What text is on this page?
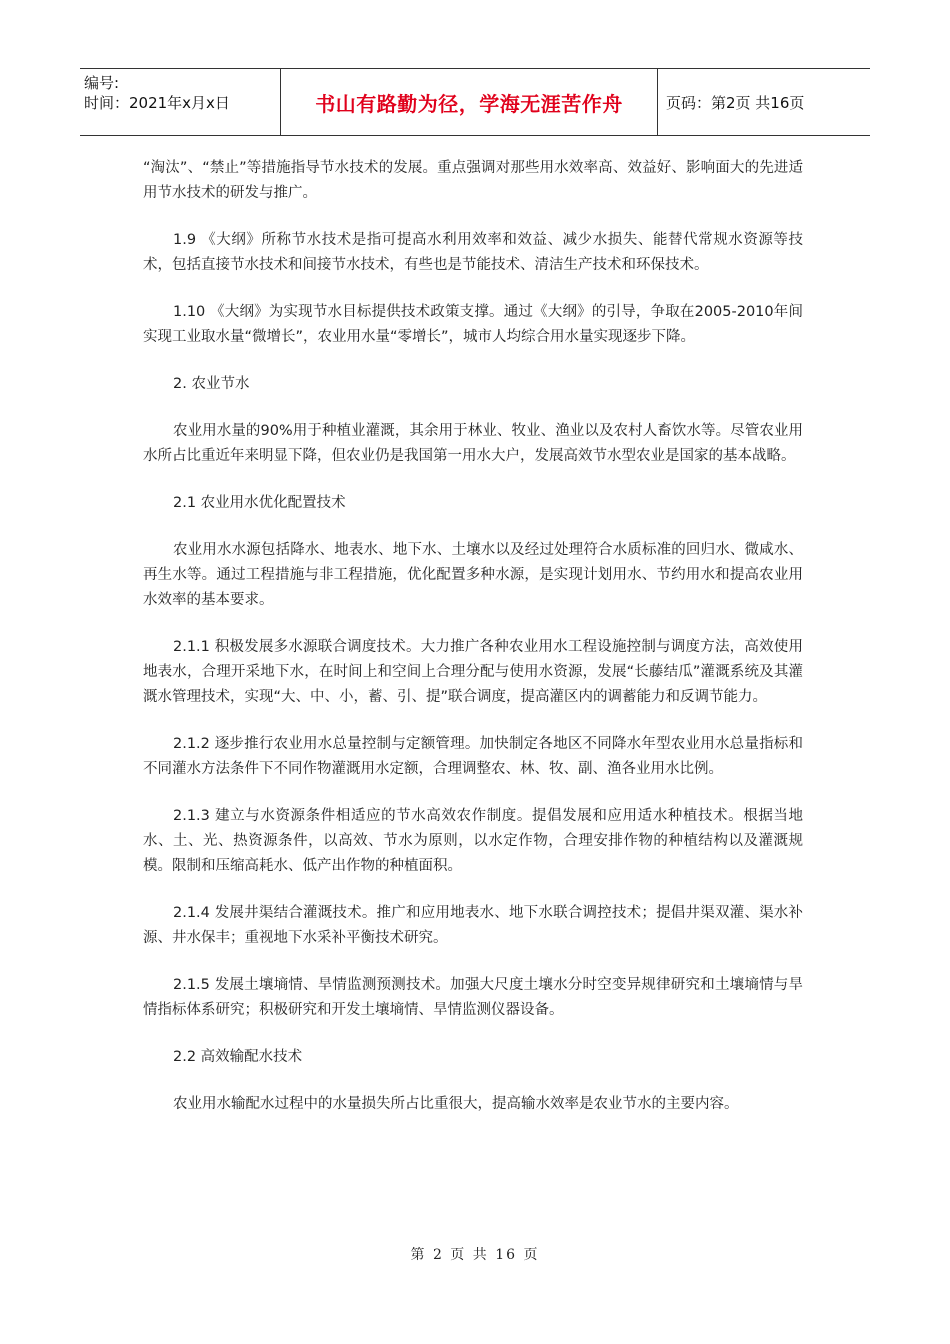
编号:
时间：2021年x月x日	书山有路勤为径，学海无涯苦作舟	页码：第2页 共16页

“淘汰”、“禁止”等措施指导节水技术的发展。重点强调对那些用水效率高、效益好、影响面大的先进适用节水技术的研发与推广。

1.9 《大纲》所称节水技术是指可提高水利用效率和效益、减少水损失、能替代常规水资源等技术，包括直接节水技术和间接节水技术，有些也是节能技术、清洁生产技术和环保技术。

1.10 《大纲》为实现节水目标提供技术政策支撑。通过《大纲》的引导，争取在2005-2010年间实现工业取水量“微增长”，农业用水量“零增长”，城市人均综合用水量实现逐步下降。

2. 农业节水

农业用水量的90%用于种植业灌溉，其余用于林业、牧业、渔业以及农村人畜饮水等。尽管农业用水所占比重近年来明显下降，但农业仍是我国第一用水大户，发展高效节水型农业是国家的基本战略。

2.1 农业用水优化配置技术

农业用水水源包括降水、地表水、地下水、土壤水以及经过处理符合水质标准的回归水、微咸水、再生水等。通过工程措施与非工程措施，优化配置多种水源，是实现计划用水、节约用水和提高农业用水效率的基本要求。

2.1.1 积极发展多水源联合调度技术。大力推广各种农业用水工程设施控制与调度方法，高效使用地表水，合理开采地下水，在时间上和空间上合理分配与使用水资源，发展“长藤结瓜”灌溉系统及其灌溉水管理技术，实现“大、中、小，蓄、引、提”联合调度，提高灌区内的调蓄能力和反调节能力。

2.1.2 逐步推行农业用水总量控制与定额管理。加快制定各地区不同降水年型农业用水总量指标和不同灌水方法条件下不同作物灌溉用水定额，合理调整农、林、牧、副、渔各业用水比例。

2.1.3 建立与水资源条件相适应的节水高效农作制度。提倡发展和应用适水种植技术。根据当地水、土、光、热资源条件，以高效、节水为原则，以水定作物，合理安排作物的种植结构以及灌溉规模。限制和压缩高耗水、低产出作物的种植面积。

2.1.4 发展井渠结合灌溉技术。推广和应用地表水、地下水联合调控技术；提倡井渠双灌、渠水补源、井水保丰；重视地下水采补平衡技术研究。

2.1.5 发展土壤墒情、旱情监测预测技术。加强大尺度土壤水分时空变异规律研究和土壤墒情与旱情指标体系研究；积极研究和开发土壤墒情、旱情监测仪器设备。

2.2 高效输配水技术

农业用水输配水过程中的水量损失所占比重很大，提高输水效率是农业节水的主要内容。

第 2 页 共 16 页
